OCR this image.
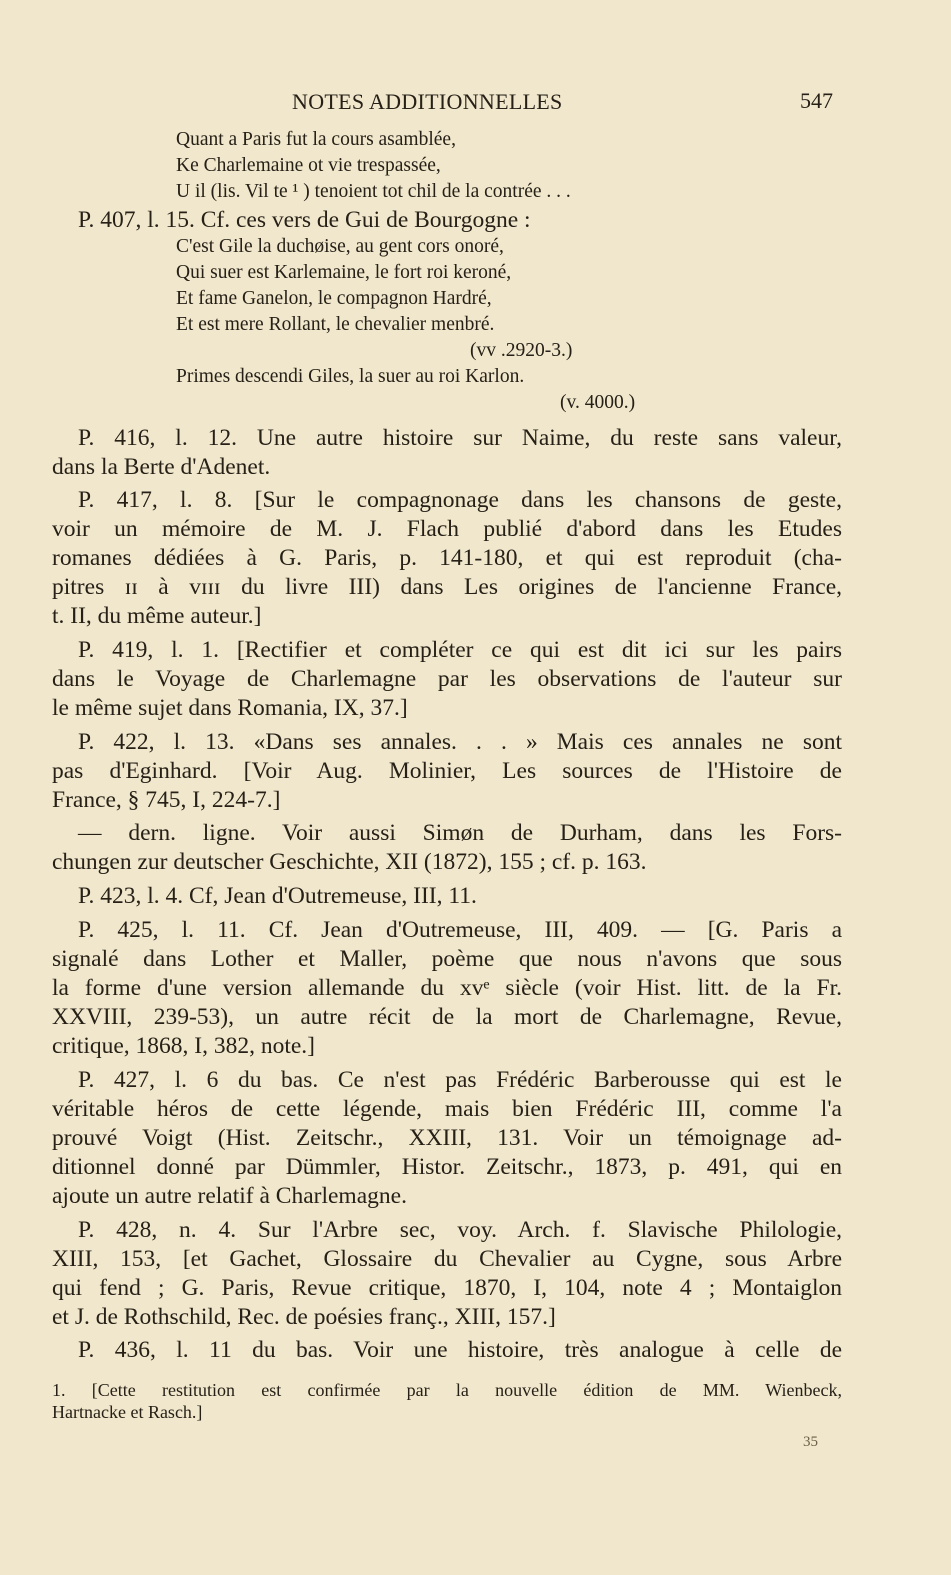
NOTES ADDITIONNELLES	547
Quant a Paris fut la cours asamblée,
Ke Charlemaine ot vie trespassée,
U il (lis. Vil te ¹ ) tenoient tot chil de la contrée . . .
P. 407, l. 15. Cf. ces vers de Gui de Bourgogne :
C'est Gile la duchøise, au gent cors onoré,
Qui suer est Karlemaine, le fort roi keroné,
Et fame Ganelon, le compagnon Hardré,
Et est mere Rollant, le chevalier menbré.
(vv .2920-3.)
Primes descendi Giles, la suer au roi Karlon.
(v. 4000.)
P. 416, l. 12. Une autre histoire sur Naime, du reste sans valeur,
dans la Berte d'Adenet.
P. 417, l. 8. [Sur le compagnonage dans les chansons de geste,
voir un mémoire de M. J. Flach publié d'abord dans les Etudes
romanes dédiées à G. Paris, p. 141-180, et qui est reproduit (cha-
pitres ɪɪ à ᴠɪɪɪ du livre III) dans Les origines de l'ancienne France,
t. II, du même auteur.]
P. 419, l. 1. [Rectifier et compléter ce qui est dit ici sur les pairs
dans le Voyage de Charlemagne par les observations de l'auteur sur
le même sujet dans Romania, IX, 37.]
P. 422, l. 13. «Dans ses annales. . . » Mais ces annales ne sont
pas d'Eginhard. [Voir Aug. Molinier, Les sources de l'Histoire de
France, § 745, I, 224-7.]
— dern. ligne. Voir aussi Simøn de Durham, dans les Fors-
chungen zur deutscher Geschichte, XII (1872), 155 ; cf. p. 163.
P. 423, l. 4. Cf, Jean d'Outremeuse, III, 11.
P. 425, l. 11. Cf. Jean d'Outremeuse, III, 409. — [G. Paris a
signalé dans Lother et Maller, poème que nous n'avons que sous
la forme d'une version allemande du xvᵉ siècle (voir Hist. litt. de la Fr.
XXVIII, 239-53), un autre récit de la mort de Charlemagne, Revue,
critique, 1868, I, 382, note.]
P. 427, l. 6 du bas. Ce n'est pas Frédéric Barberousse qui est le
véritable héros de cette légende, mais bien Frédéric III, comme l'a
prouvé Voigt (Hist. Zeitschr., XXIII, 131. Voir un témoignage ad-
ditionnel donné par Dümmler, Histor. Zeitschr., 1873, p. 491, qui en
ajoute un autre relatif à Charlemagne.
P. 428, n. 4. Sur l'Arbre sec, voy. Arch. f. Slavische Philologie,
XIII, 153, [et Gachet, Glossaire du Chevalier au Cygne, sous Arbre
qui fend ; G. Paris, Revue critique, 1870, I, 104, note 4 ; Montaiglon
et J. de Rothschild, Rec. de poésies franç., XIII, 157.]
P. 436, l. 11 du bas. Voir une histoire, très analogue à celle de
1. [Cette restitution est confirmée par la nouvelle édition de MM. Wienbeck,
Hartnacke et Rasch.]
35
